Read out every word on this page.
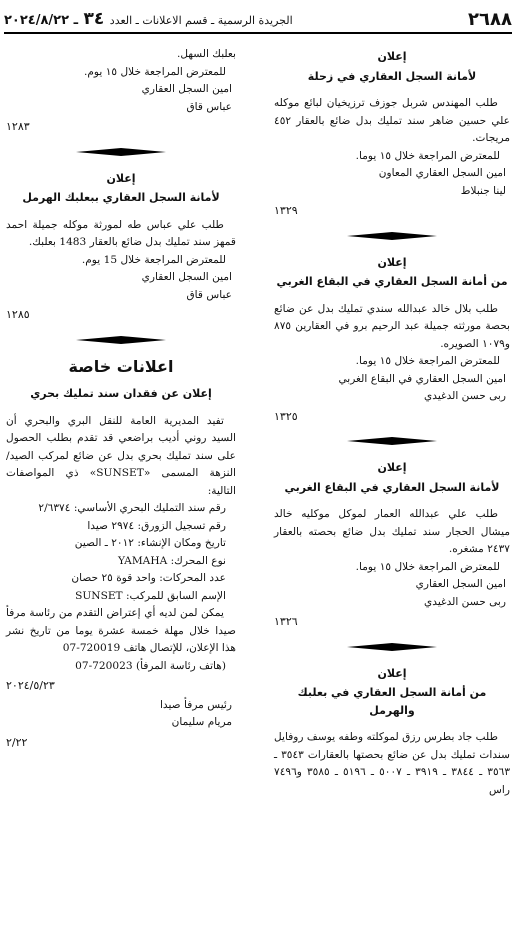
٢٦٨٨
الجريدة الرسمية ـ قسم الاعلانات ـ العدد ٣٤ ـ ٢٠٢٤/٨/٢٢
إعلان
لأمانة السجل العقاري في زحلة
طلب المهندس شربل جوزف ترزيخيان لبائع موكله علي حسين ضاهر سند تمليك بدل ضائع بالعقار ٤٥٢ مريجات.
للمعترض المراجعة خلال ١٥ يوما.
امين السجل العقاري المعاون
لينا جنبلاط
١٣٢٩
إعلان
من أمانة السجل العقاري في البقاع الغربي
طلب بلال خالد عبدالله سندي تمليك بدل عن ضائع بحصة مورثته جميلة عبد الرحيم برو في العقارين ٨٧٥ و١٠٧٩ الصويره.
للمعترض المراجعة خلال ١٥ يوما.
امين السجل العقاري في البقاع الغربي
ربى حسن الدغيدي
١٣٢٥
إعلان
لأمانة السجل العقاري في البقاع الغربي
طلب علي عبدالله العمار لموكل موكليه خالد ميشال الحجار سند تمليك بدل ضائع بحصته بالعقار ٢٤٣٧ مشغره.
للمعترض المراجعة خلال ١٥ يوما.
امين السجل العقاري
ربى حسن الدغيدي
١٣٢٦
إعلان
من أمانة السجل العقاري في بعلبك والهرمل
طلب جاد بطرس رزق لموكلته وطفه يوسف روفايل سندات تمليك بدل عن ضائع بحصتها بالعقارات ٣٥٤٣ ـ ٣٥٦٣ ـ ٣٨٤٤ ـ ٣٩١٩ ـ ٥٠٠٧ ـ ٥١٩٦ ـ ٣٥٨٥ و٧٤٩٦ راس
بعلبك السهل.
للمعترض المراجعة خلال ١٥ يوم.
امين السجل العقاري
عباس قاق
١٢٨٣
إعلان
لأمانة السجل العقاري ببعلبك الهرمل
طلب علي عباس طه لمورثة موكله جميلة احمد قمهز سند تمليك بدل ضائع بالعقار 1483 بعلبك.
للمعترض المراجعة خلال 15 يوم.
امين السجل العقاري
عباس قاق
١٢٨٥
اعلانات خاصة
إعلان عن فقدان سند تمليك بحري
تفيد المديرية العامة للنقل البري والبحري أن السيد روني أديب براضعي قد تقدم بطلب الحصول على سند تمليك بحري بدل عن ضائع لمركب الصيد/النزهة المسمى «SUNSET» ذي المواصفات التالية:
رقم سند التمليك البحري الأساسي: ٢/٦٣٧٤
رقم تسجيل الزورق: ٢٩٧٤ صيدا
تاريخ ومكان الإنشاء: ٢٠١٢ ـ الصين
نوع المحرك: YAMAHA
عدد المحركات: واحد قوة ٢٥ حصان
الإسم السابق للمركب: SUNSET
يمكن لمن لديه أي إعتراض التقدم من رئاسة مرفأ صيدا خلال مهلة خمسة عشرة يوما من تاريخ نشر هذا الإعلان، للإتصال هاتف 720019-07
(هاتف رئاسة المرفأ) 720023-07
٢٠٢٤/٥/٢٣
رئيس مرفأ صيدا
مريام سليمان
٢/٢٢
